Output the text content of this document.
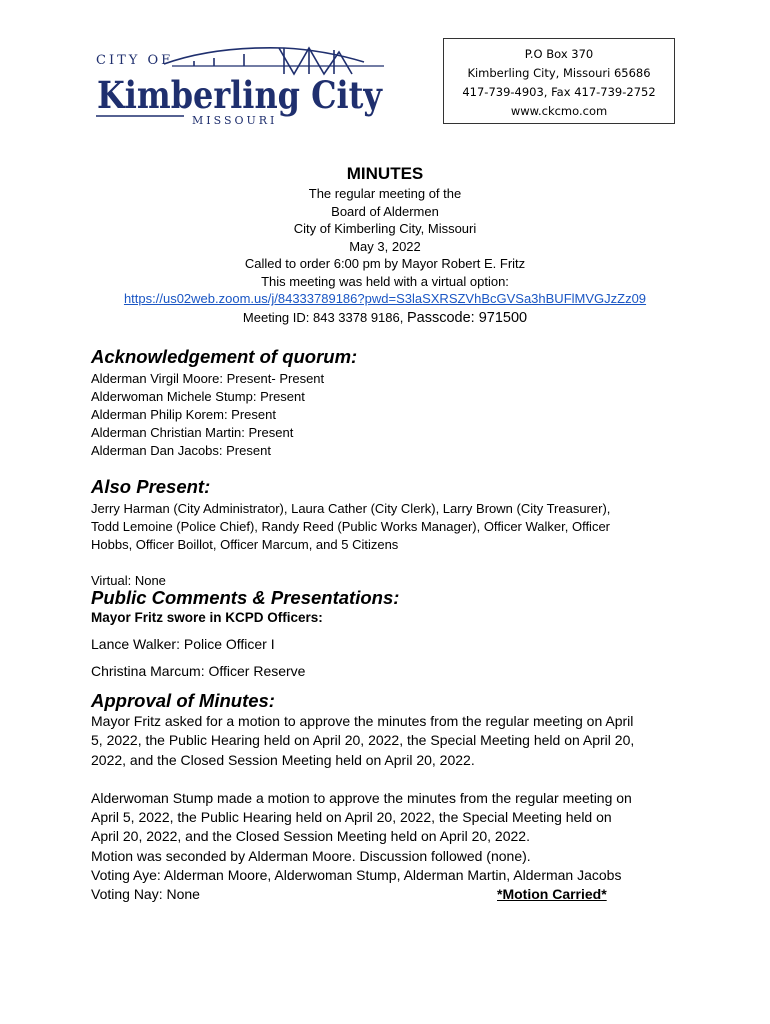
CITY OF
Kimberling City
MISSOURI
P.O Box 370
Kimberling City, Missouri 65686
417-739-4903, Fax 417-739-2752
www.ckcmo.com
MINUTES
The regular meeting of the
Board of Aldermen
City of Kimberling City, Missouri
May 3, 2022
Called to order 6:00 pm by Mayor Robert E. Fritz
This meeting was held with a virtual option:
https://us02web.zoom.us/j/84333789186?pwd=S3laSXRSZVhBcGVSa3hBUFlMVGJzZz09
Meeting ID: 843 3378 9186, Passcode: 971500
Acknowledgement of quorum:
Alderman Virgil Moore: Present- Present
Alderwoman Michele Stump: Present
Alderman Philip Korem: Present
Alderman Christian Martin: Present
Alderman Dan Jacobs: Present
Also Present:
Jerry Harman (City Administrator), Laura Cather (City Clerk), Larry Brown (City Treasurer),
Todd Lemoine (Police Chief), Randy Reed (Public Works Manager), Officer Walker, Officer
Hobbs, Officer Boillot, Officer Marcum, and 5 Citizens
Virtual: None
Public Comments & Presentations:
Mayor Fritz swore in KCPD Officers:
Lance Walker: Police Officer I
Christina Marcum: Officer Reserve
Approval of Minutes:
Mayor Fritz asked for a motion to approve the minutes from the regular meeting on April
5, 2022, the Public Hearing held on April 20, 2022, the Special Meeting held on April 20,
2022, and the Closed Session Meeting held on April 20, 2022.
Alderwoman Stump made a motion to approve the minutes from the regular meeting on
April 5, 2022, the Public Hearing held on April 20, 2022, the Special Meeting held on
April 20, 2022, and the Closed Session Meeting held on April 20, 2022.
Motion was seconded by Alderman Moore. Discussion followed (none).
Voting Aye: Alderman Moore, Alderwoman Stump, Alderman Martin, Alderman Jacobs
Voting Nay: None	*Motion Carried*
